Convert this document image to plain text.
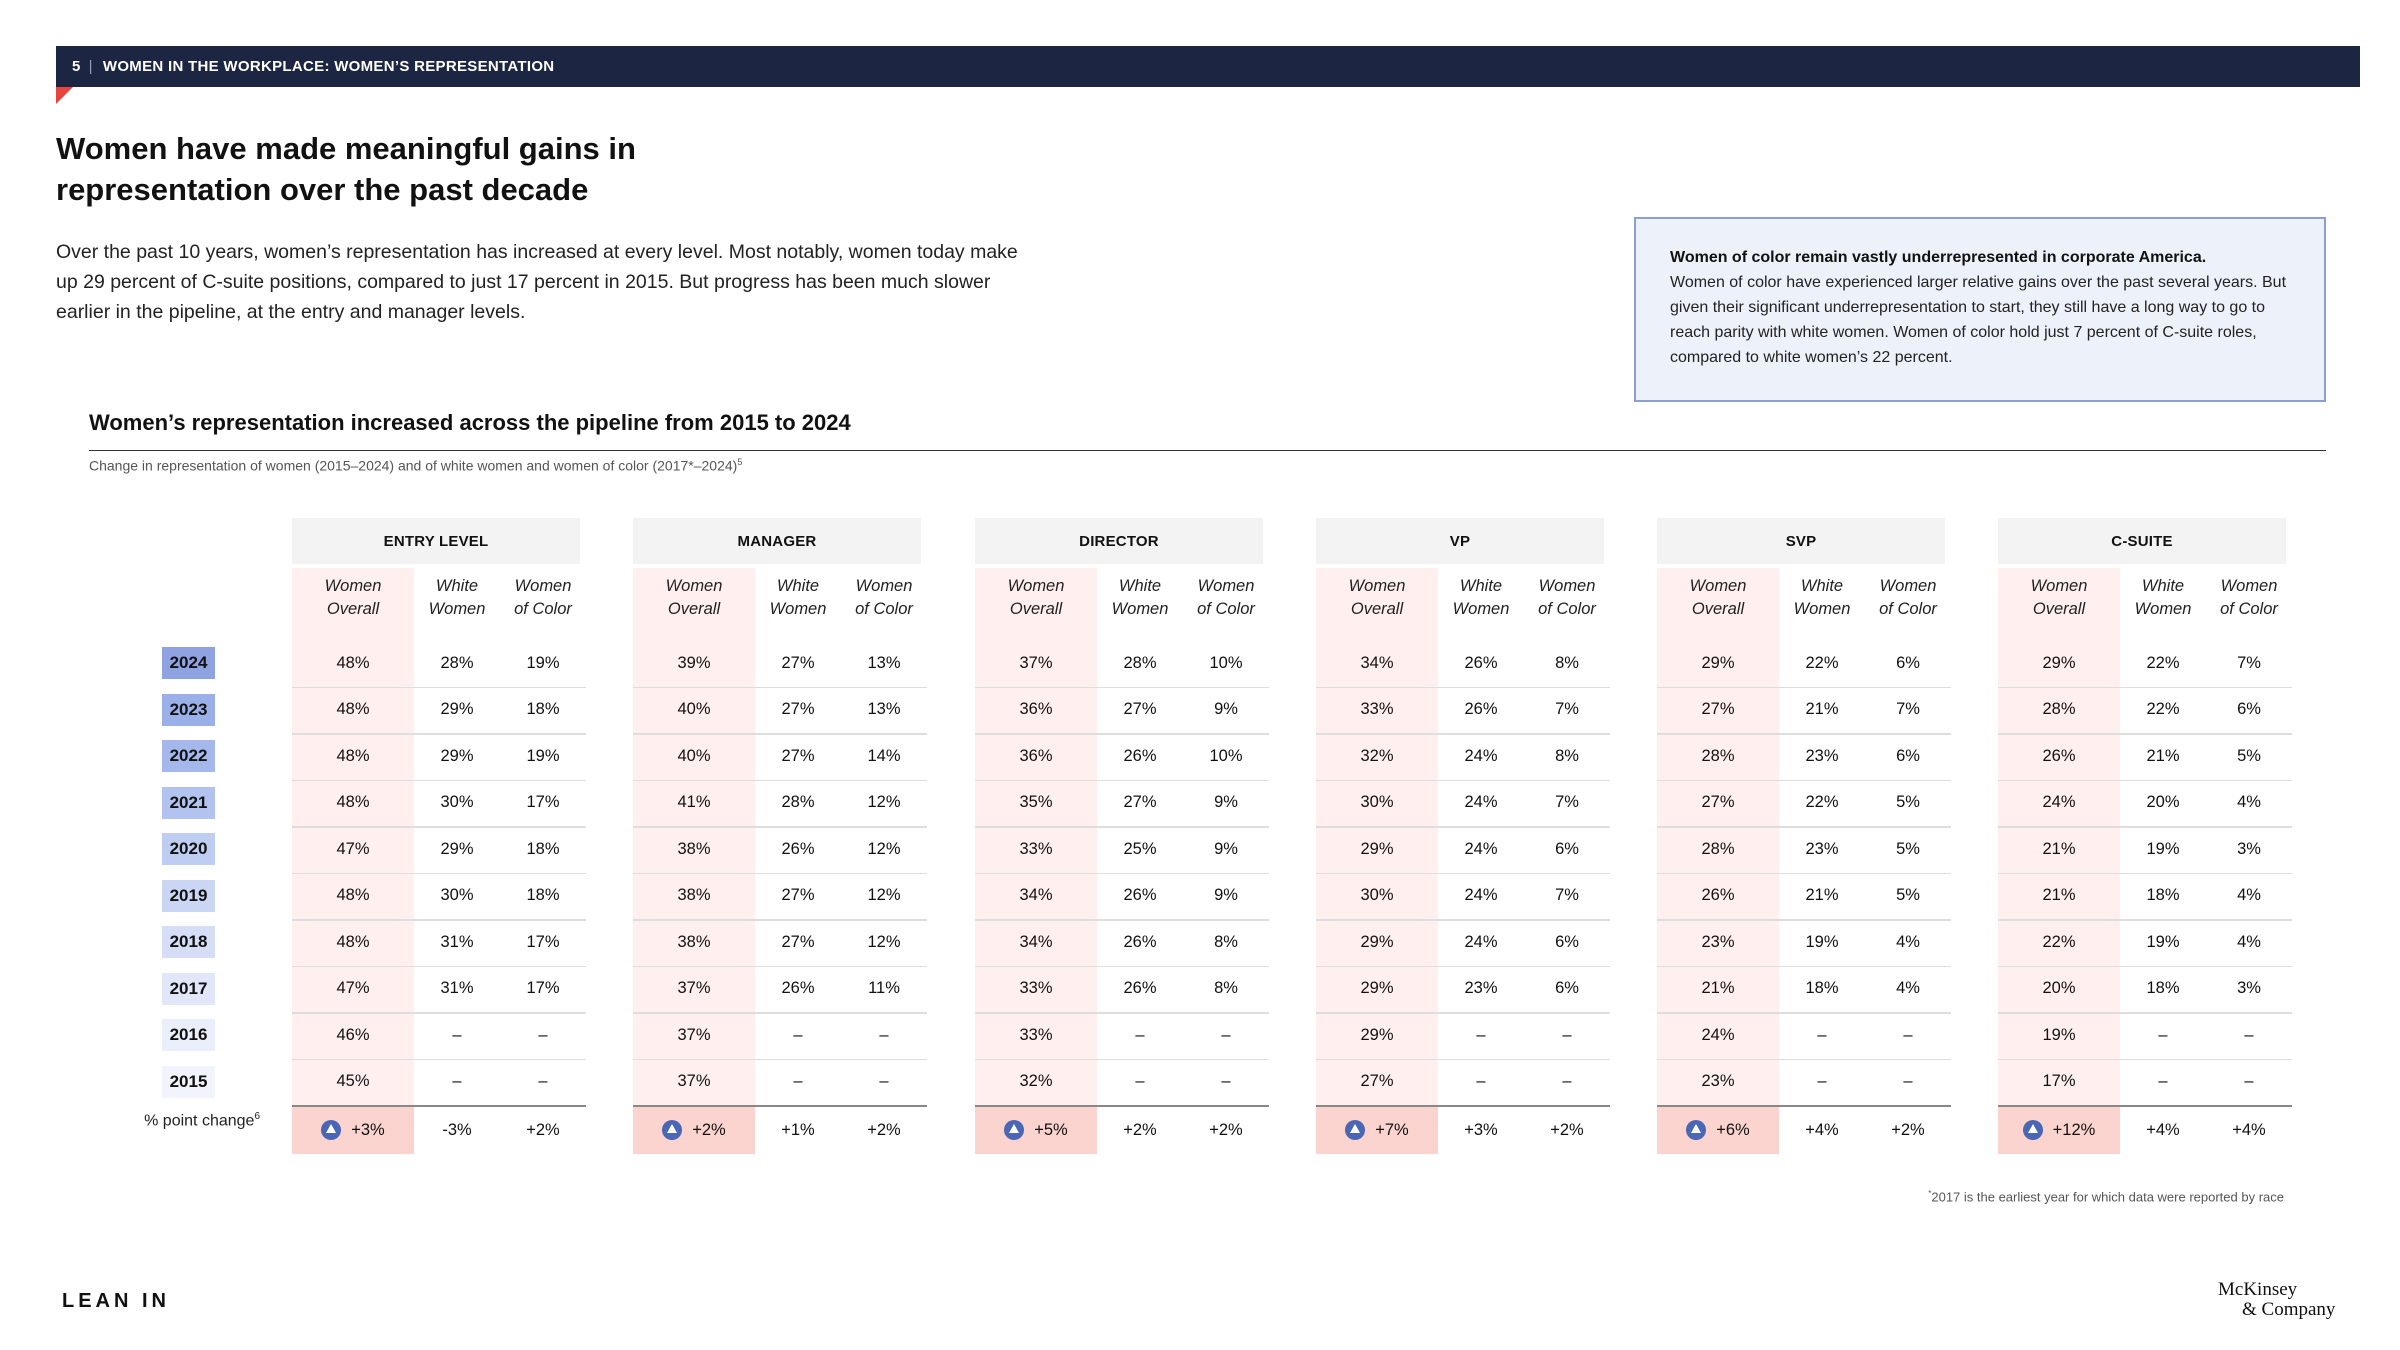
5 | WOMEN IN THE WORKPLACE: WOMEN’S REPRESENTATION
Women have made meaningful gains in representation over the past decade
Over the past 10 years, women’s representation has increased at every level. Most notably, women today make up 29 percent of C-suite positions, compared to just 17 percent in 2015. But progress has been much slower earlier in the pipeline, at the entry and manager levels.
Women of color remain vastly underrepresented in corporate America.
Women of color have experienced larger relative gains over the past several years. But given their significant underrepresentation to start, they still have a long way to go to reach parity with white women. Women of color hold just 7 percent of C-suite roles, compared to white women’s 22 percent.
Women’s representation increased across the pipeline from 2015 to 2024
Change in representation of women (2015–2024) and of white women and women of color $(2017*-2024)^5$
2024
2023
2022
2021
2020
2019
2018
2017
2016
2015
ENTRY LEVEL
Women
Overall
48%
48%
48%
48%
47%
48%
48%
47%
46%
45%
+3%
White
Women
28%
29%
29%
30%
29%
30%
31%
31%
–
–
-3%
Women
of Color
19%
18%
19%
17%
18%
18%
17%
17%
–
–
+2%
MANAGER
Women
Overall
39%
40%
40%
41%
38%
38%
38%
37%
37%
37%
+2%
White
Women
27%
27%
27%
28%
26%
27%
27%
26%
–
–
+1%
Women
of Color
13%
13%
14%
12%
12%
12%
12%
11%
–
–
+2%
DIRECTOR
Women
Overall
37%
36%
36%
35%
33%
34%
34%
33%
33%
32%
+5%
White
Women
28%
27%
26%
27%
25%
26%
26%
26%
–
–
+2%
Women
of Color
10%
9%
10%
9%
9%
9%
8%
8%
–
–
+2%
VP
Women
Overall
34%
33%
32%
30%
29%
30%
29%
29%
29%
27%
+7%
White
Women
26%
26%
24%
24%
24%
24%
24%
23%
–
–
+3%
Women
of Color
8%
7%
8%
7%
6%
7%
6%
6%
–
–
+2%
SVP
Women
Overall
29%
27%
28%
27%
28%
26%
23%
21%
24%
23%
+6%
White
Women
22%
21%
23%
22%
23%
21%
19%
18%
–
–
+4%
Women
of Color
6%
7%
6%
5%
5%
5%
4%
4%
–
–
+2%
C-SUITE
Women
Overall
29%
28%
26%
24%
21%
21%
22%
20%
19%
17%
+12%
White
Women
22%
22%
21%
20%
19%
18%
19%
18%
–
–
+4%
Women
of Color
7%
6%
5%
4%
3%
4%
4%
3%
–
–
+4%
% point change$^6$
*2017 is the earliest year for which data were reported by race
LEAN IN
McKinsey
& Company
